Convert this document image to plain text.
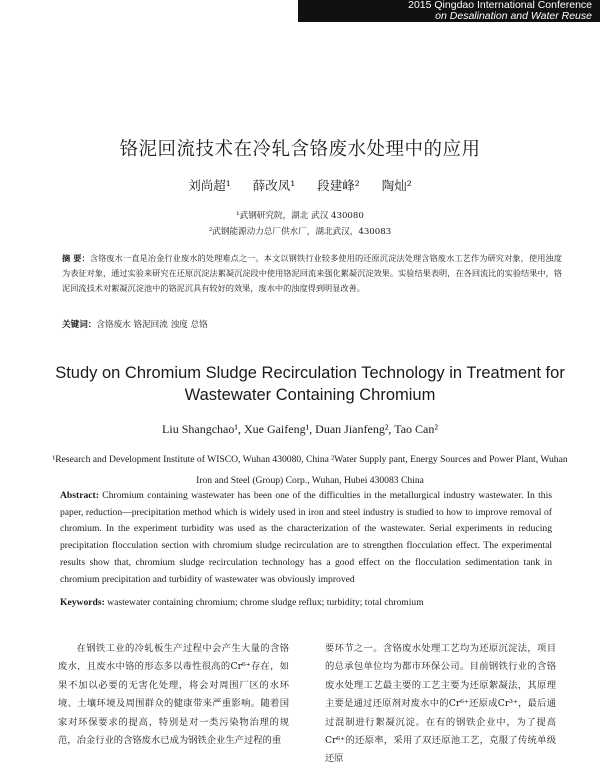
2015 Qingdao International Conference
on Desalination and Water Reuse
铬泥回流技术在冷轧含铬废水处理中的应用
刘尚超¹ 薛改凤¹ 段建峰² 陶灿²
¹武钢研究院，湖北 武汉 430080
²武钢能源动力总厂供水厂，湖北武汉，430083
摘 要：含铬废水一直是冶金行业废水的处理难点之一。本文以钢铁行业较多使用的还原沉淀法处理含铬废水工艺作为研究对象，使用浊度为表征对象，通过实验来研究在还原沉淀法絮凝沉淀段中使用铬泥回流来强化絮凝沉淀效果。实验结果表明，在各回流比的实验结果中，铬泥回流技术对絮凝沉淀池中的铬泥沉具有较好的效果，废水中的浊度得到明显改善。
关键词：含铬废水 铬泥回流 浊度 总铬
Study on Chromium Sludge Recirculation Technology in Treatment for Wastewater Containing Chromium
Liu Shangchao¹, Xue Gaifeng¹, Duan Jianfeng², Tao Can²
¹Research and Development Institute of WISCO, Wuhan 430080, China ²Water Supply pant, Energy Sources and Power Plant, Wuhan Iron and Steel (Group) Corp., Wuhan, Hubei 430083 China
Abstract: Chromium containing wastewater has been one of the difficulties in the metallurgical industry wastewater. In this paper, reduction—precipitation method which is widely used in iron and steel industry is studied to how to improve removal of chromium. In the experiment turbidity was used as the characterization of the wastewater. Serial experiments in reducing precipitation flocculation section with chromium sludge recirculation are to strengthen flocculation effect. The experimental results show that, chromium sludge recirculation technology has a good effect on the flocculation sedimentation tank in chromium precipitation and turbidity of wastewater was obviously improved
Keywords: wastewater containing chromium; chrome sludge reflux; turbidity; total chromium
在钢铁工业的冷轧板生产过程中会产生大量的含铬废水，且废水中铬的形态多以毒性很高的Cr⁶⁺存在，如果不加以必要的无害化处理，将会对周围厂区的水环境、土壤环境及周围群众的健康带来严重影响。随着国家对环保要求的提高，特别是对一类污染物治理的规范，冶金行业的含铬废水已成为钢铁企业生产过程的重
要环节之一。含铬废水处理工艺均为还原沉淀法，项目的总承包单位均为都市环保公司。目前钢铁行业的含铬废水处理工艺最主要的工艺主要为还原絮凝法，其原理主要是通过还原剂对废水中的Cr⁶⁺还原成Cr³⁺，最后通过混制进行絮凝沉淀。在有的钢铁企业中，为了提高Cr⁶⁺的还原率，采用了双还原池工艺，克服了传统单级还原
